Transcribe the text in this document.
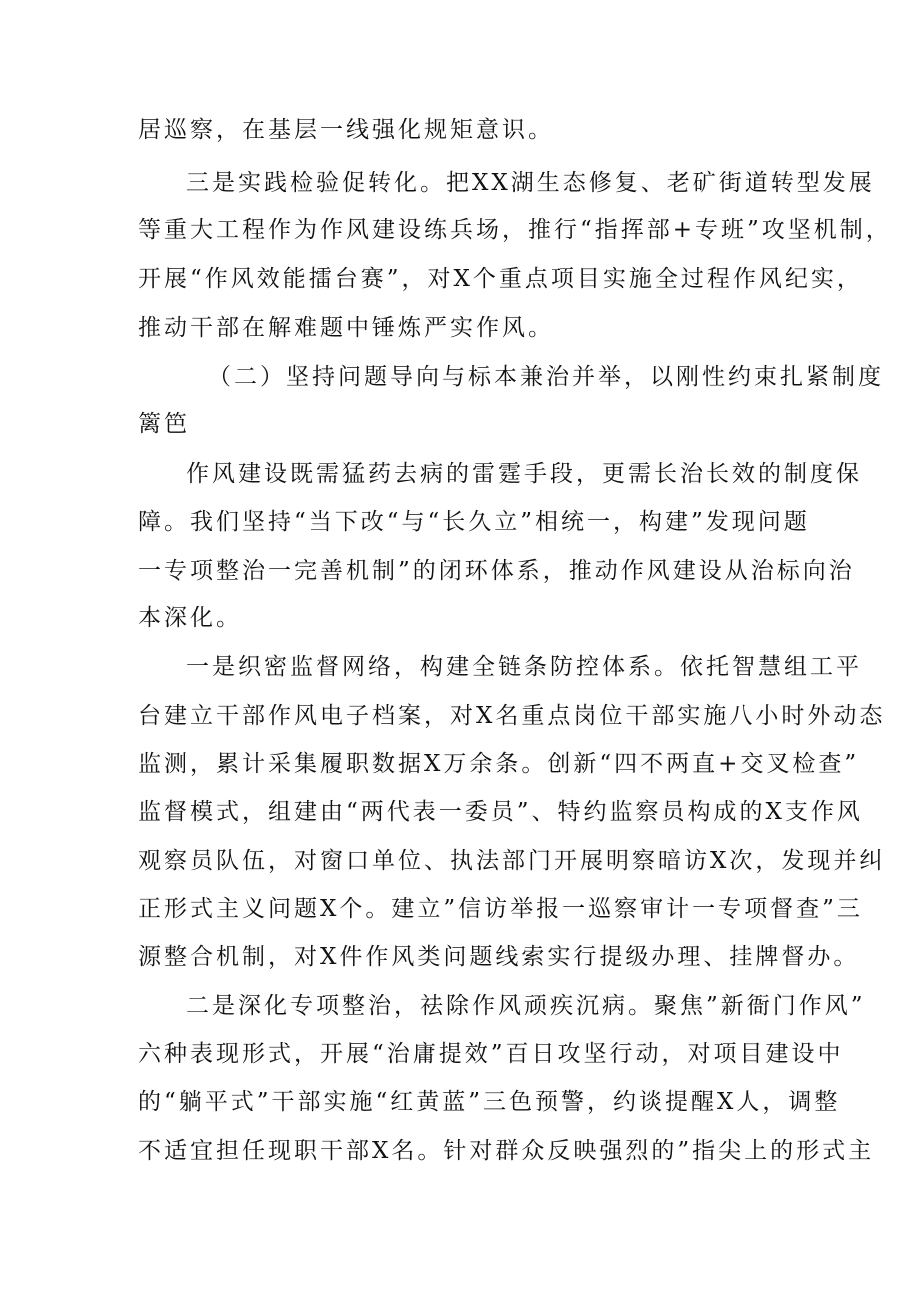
居巡察，在基层一线强化规矩意识。

三是实践检验促转化。把XX湖生态修复、老矿街道转型发展

等重大工程作为作风建设练兵场，推行“指挥部+专班”攻坚机制，

开展“作风效能擂台赛”，对X个重点项目实施全过程作风纪实，

推动干部在解难题中锤炼严实作风。

（二）坚持问题导向与标本兼治并举，以刚性约束扎紧制度

篱笆

作风建设既需猛药去病的雷霆手段，更需长治长效的制度保

障。我们坚持“当下改“与“长久立”相统一，构建”发现问题

一专项整治一完善机制”的闭环体系，推动作风建设从治标向治

本深化。

一是织密监督网络，构建全链条防控体系。依托智慧组工平

台建立干部作风电子档案，对X名重点岗位干部实施八小时外动态

监测，累计采集履职数据X万余条。创新“四不两直+交叉检查”

监督模式，组建由“两代表一委员”、特约监察员构成的X支作风

观察员队伍，对窗口单位、执法部门开展明察暗访X次，发现并纠

正形式主义问题X个。建立”信访举报一巡察审计一专项督查”三

源整合机制，对X件作风类问题线索实行提级办理、挂牌督办。

二是深化专项整治，祛除作风顽疾沉病。聚焦”新衙门作风”

六种表现形式，开展“治庸提效”百日攻坚行动，对项目建设中

的“躺平式”干部实施“红黄蓝”三色预警，约谈提醒X人，调整

不适宜担任现职干部X名。针对群众反映强烈的”指尖上的形式主
